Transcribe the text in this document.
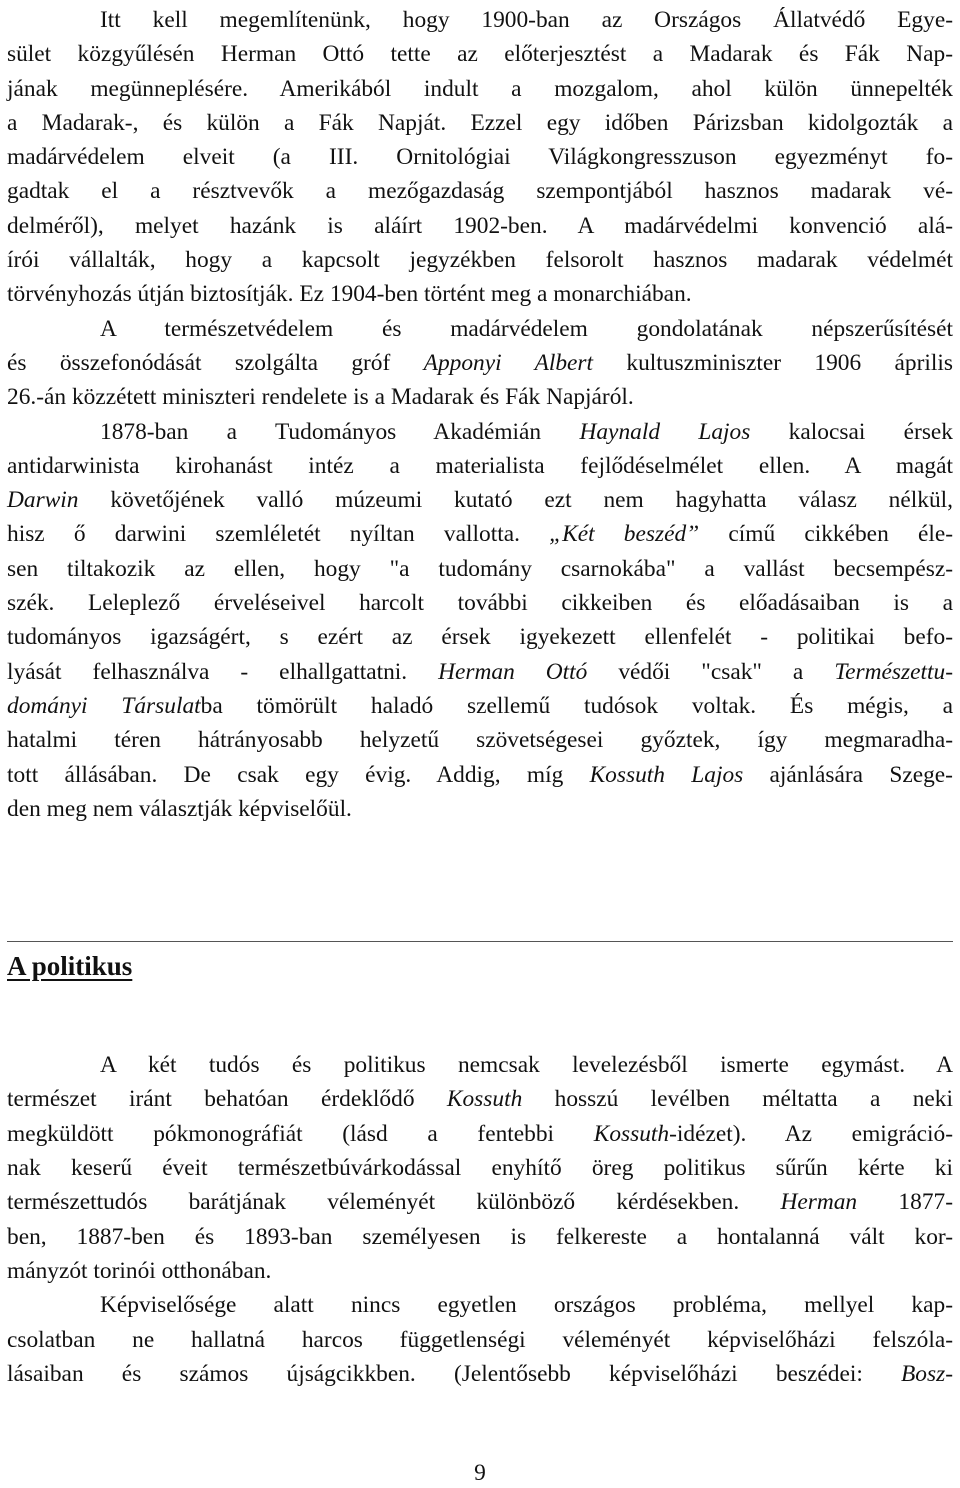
Itt kell megemlítenünk, hogy 1900-ban az Országos Állatvédő Egye-
sület közgyűlésén Herman Ottó tette az előterjesztést a Madarak és Fák Nap-
jának megünneplésére. Amerikából indult a mozgalom, ahol külön ünnepelték
a Madarak-, és külön a Fák Napját. Ezzel egy időben Párizsban kidolgozták a
madárvédelem elveit (a III. Ornitológiai Világkongresszuson egyezményt fo-
gadtak el a résztvevők a mezőgazdaság szempontjából hasznos madarak vé-
delméről), melyet hazánk is aláírt 1902-ben. A madárvédelmi konvenció alá-
írói vállalták, hogy a kapcsolt jegyzékben felsorolt hasznos madarak védelmét
törvényhozás útján biztosítják. Ez 1904-ben történt meg a monarchiában.
A természetvédelem és madárvédelem gondolatának népszerűsítését
és összefonódását szolgálta gróf Apponyi Albert kultuszminiszter 1906 április
26.-án közzétett miniszteri rendelete is a Madarak és Fák Napjáról.
1878-ban a Tudományos Akadémián Haynald Lajos kalocsai érsek
antidarwinista kirohanást intéz a materialista fejlődéselmélet ellen. A magát
Darwin követőjének valló múzeumi kutató ezt nem hagyhatta válasz nélkül,
hisz ő darwini szemléletét nyíltan vallotta. „Két beszéd” című cikkében éle-
sen tiltakozik az ellen, hogy "a tudomány csarnokába" a vallást becsempész-
szék. Leleplező érveléseivel harcolt további cikkeiben és előadásaiban is a
tudományos igazságért, s ezért az érsek igyekezett ellenfelét - politikai befo-
lyását felhasználva - elhallgattatni. Herman Ottó védői "csak" a Természettu-
dományi Társulatba tömörült haladó szellemű tudósok voltak. És mégis, a
hatalmi téren hátrányosabb helyzetű szövetségesei győztek, így megmaradha-
tott állásában. De csak egy évig. Addig, míg Kossuth Lajos ajánlására Szege-
den meg nem választják képviselőül.
A politikus
A két tudós és politikus nemcsak levelezésből ismerte egymást. A
természet iránt behatóan érdeklődő Kossuth hosszú levélben méltatta a neki
megküldött pókmonográfiát (lásd a fentebbi Kossuth-idézet). Az emigráció-
nak keserű éveit természetbúvárkodással enyhítő öreg politikus sűrűn kérte ki
természettudós barátjának véleményét különböző kérdésekben. Herman 1877-
ben, 1887-ben és 1893-ban személyesen is felkereste a hontalanná vált kor-
mányzót torinói otthonában.
Képviselősége alatt nincs egyetlen országos probléma, mellyel kap-
csolatban ne hallatná harcos függetlenségi véleményét képviselőházi felszóla-
lásaiban és számos újságcikkben. (Jelentősebb képviselőházi beszédei: Bosz-
9
